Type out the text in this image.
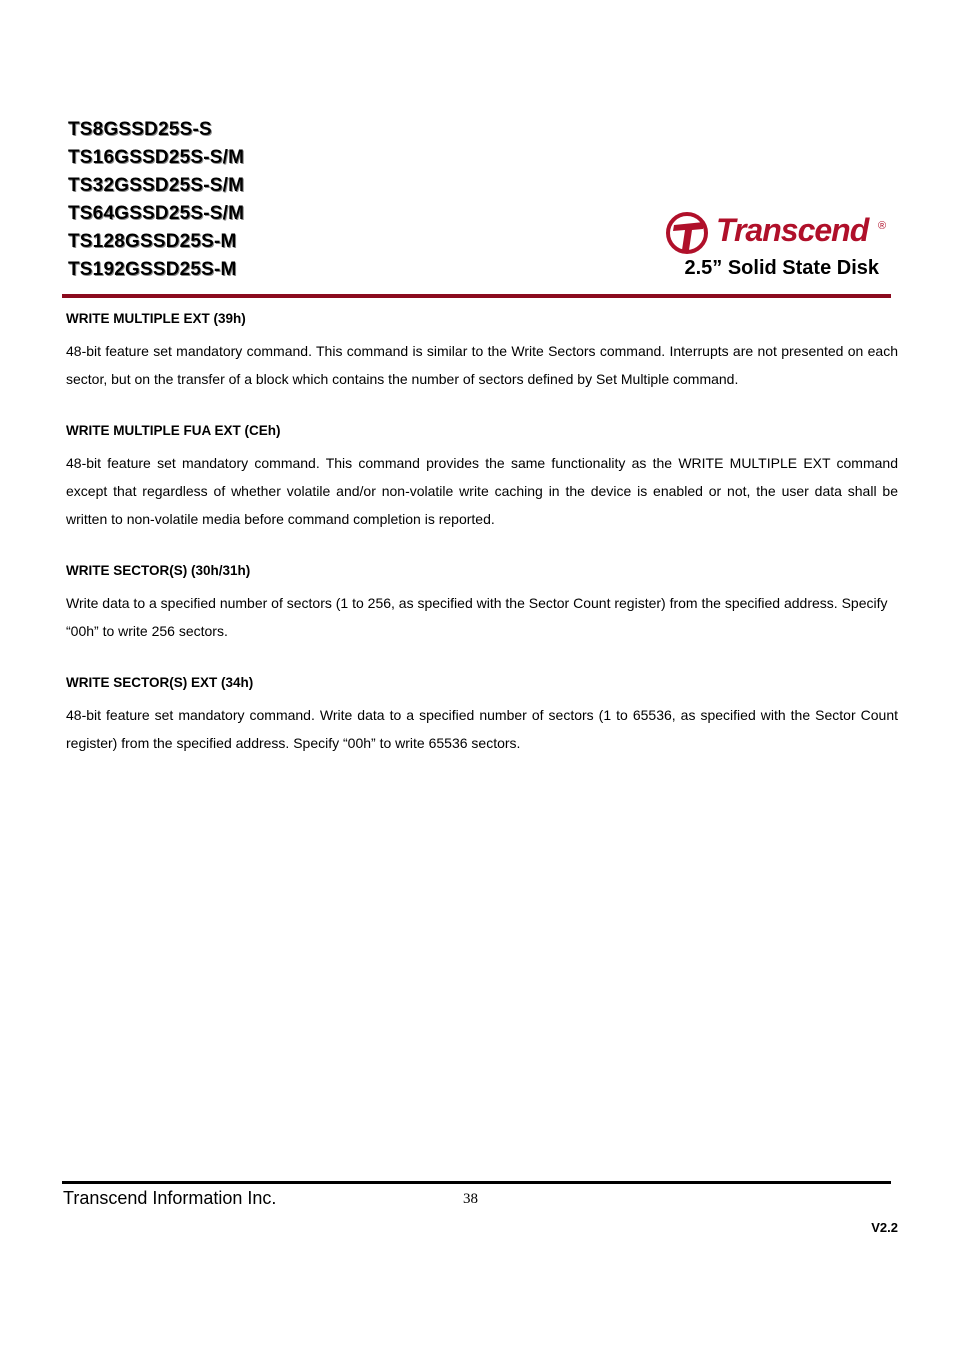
TS8GSSD25S-S
TS16GSSD25S-S/M
TS32GSSD25S-S/M
TS64GSSD25S-S/M
TS128GSSD25S-M
TS192GSSD25S-M
Transcend ®
2.5” Solid State Disk
WRITE MULTIPLE EXT (39h)

48-bit feature set mandatory command. This command is similar to the Write Sectors command. Interrupts are not presented on each sector, but on the transfer of a block which contains the number of sectors defined by Set Multiple command.

WRITE MULTIPLE FUA EXT (CEh)

48-bit feature set mandatory command. This command provides the same functionality as the WRITE MULTIPLE EXT command except that regardless of whether volatile and/or non-volatile write caching in the device is enabled or not, the user data shall be written to non-volatile media before command completion is reported.

WRITE SECTOR(S) (30h/31h)

Write data to a specified number of sectors (1 to 256, as specified with the Sector Count register) from the specified address. Specify “00h” to write 256 sectors.

WRITE SECTOR(S) EXT (34h)

48-bit feature set mandatory command. Write data to a specified number of sectors (1 to 65536, as specified with the Sector Count register) from the specified address. Specify “00h” to write 65536 sectors.

Transcend Information Inc.	38
V2.2
